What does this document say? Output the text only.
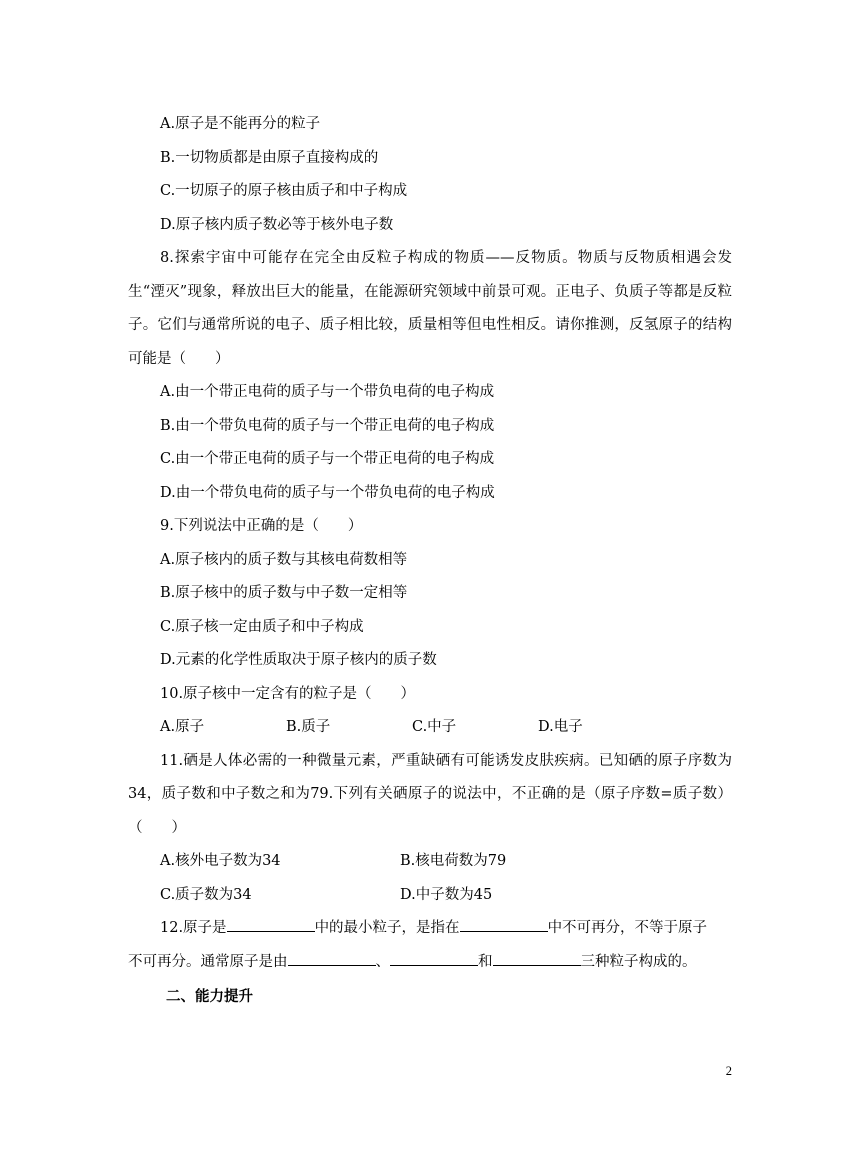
A.原子是不能再分的粒子

B.一切物质都是由原子直接构成的

C.一切原子的原子核由质子和中子构成

D.原子核内质子数必等于核外电子数

8.探索宇宙中可能存在完全由反粒子构成的物质——反物质。物质与反物质相遇会发生“湮灭”现象，释放出巨大的能量，在能源研究领域中前景可观。正电子、负质子等都是反粒子。它们与通常所说的电子、质子相比较，质量相等但电性相反。请你推测，反氢原子的结构可能是（　　）

A.由一个带正电荷的质子与一个带负电荷的电子构成

B.由一个带负电荷的质子与一个带正电荷的电子构成

C.由一个带正电荷的质子与一个带正电荷的电子构成

D.由一个带负电荷的质子与一个带负电荷的电子构成

9.下列说法中正确的是（　　）

A.原子核内的质子数与其核电荷数相等

B.原子核中的质子数与中子数一定相等

C.原子核一定由质子和中子构成

D.元素的化学性质取决于原子核内的质子数

10.原子核中一定含有的粒子是（　　）

A.原子	B.质子	C.中子	D.电子

11.硒是人体必需的一种微量元素，严重缺硒有可能诱发皮肤疾病。已知硒的原子序数为34，质子数和中子数之和为79.下列有关硒原子的说法中，不正确的是（原子序数=质子数）（　　）

A.核外电子数为34	B.核电荷数为79
C.质子数为34	D.中子数为45

12.原子是	中的最小粒子，是指在	中不可再分，不等于原子

不可再分。通常原子是由	、	和	三种粒子构成的。

二、能力提升
2
